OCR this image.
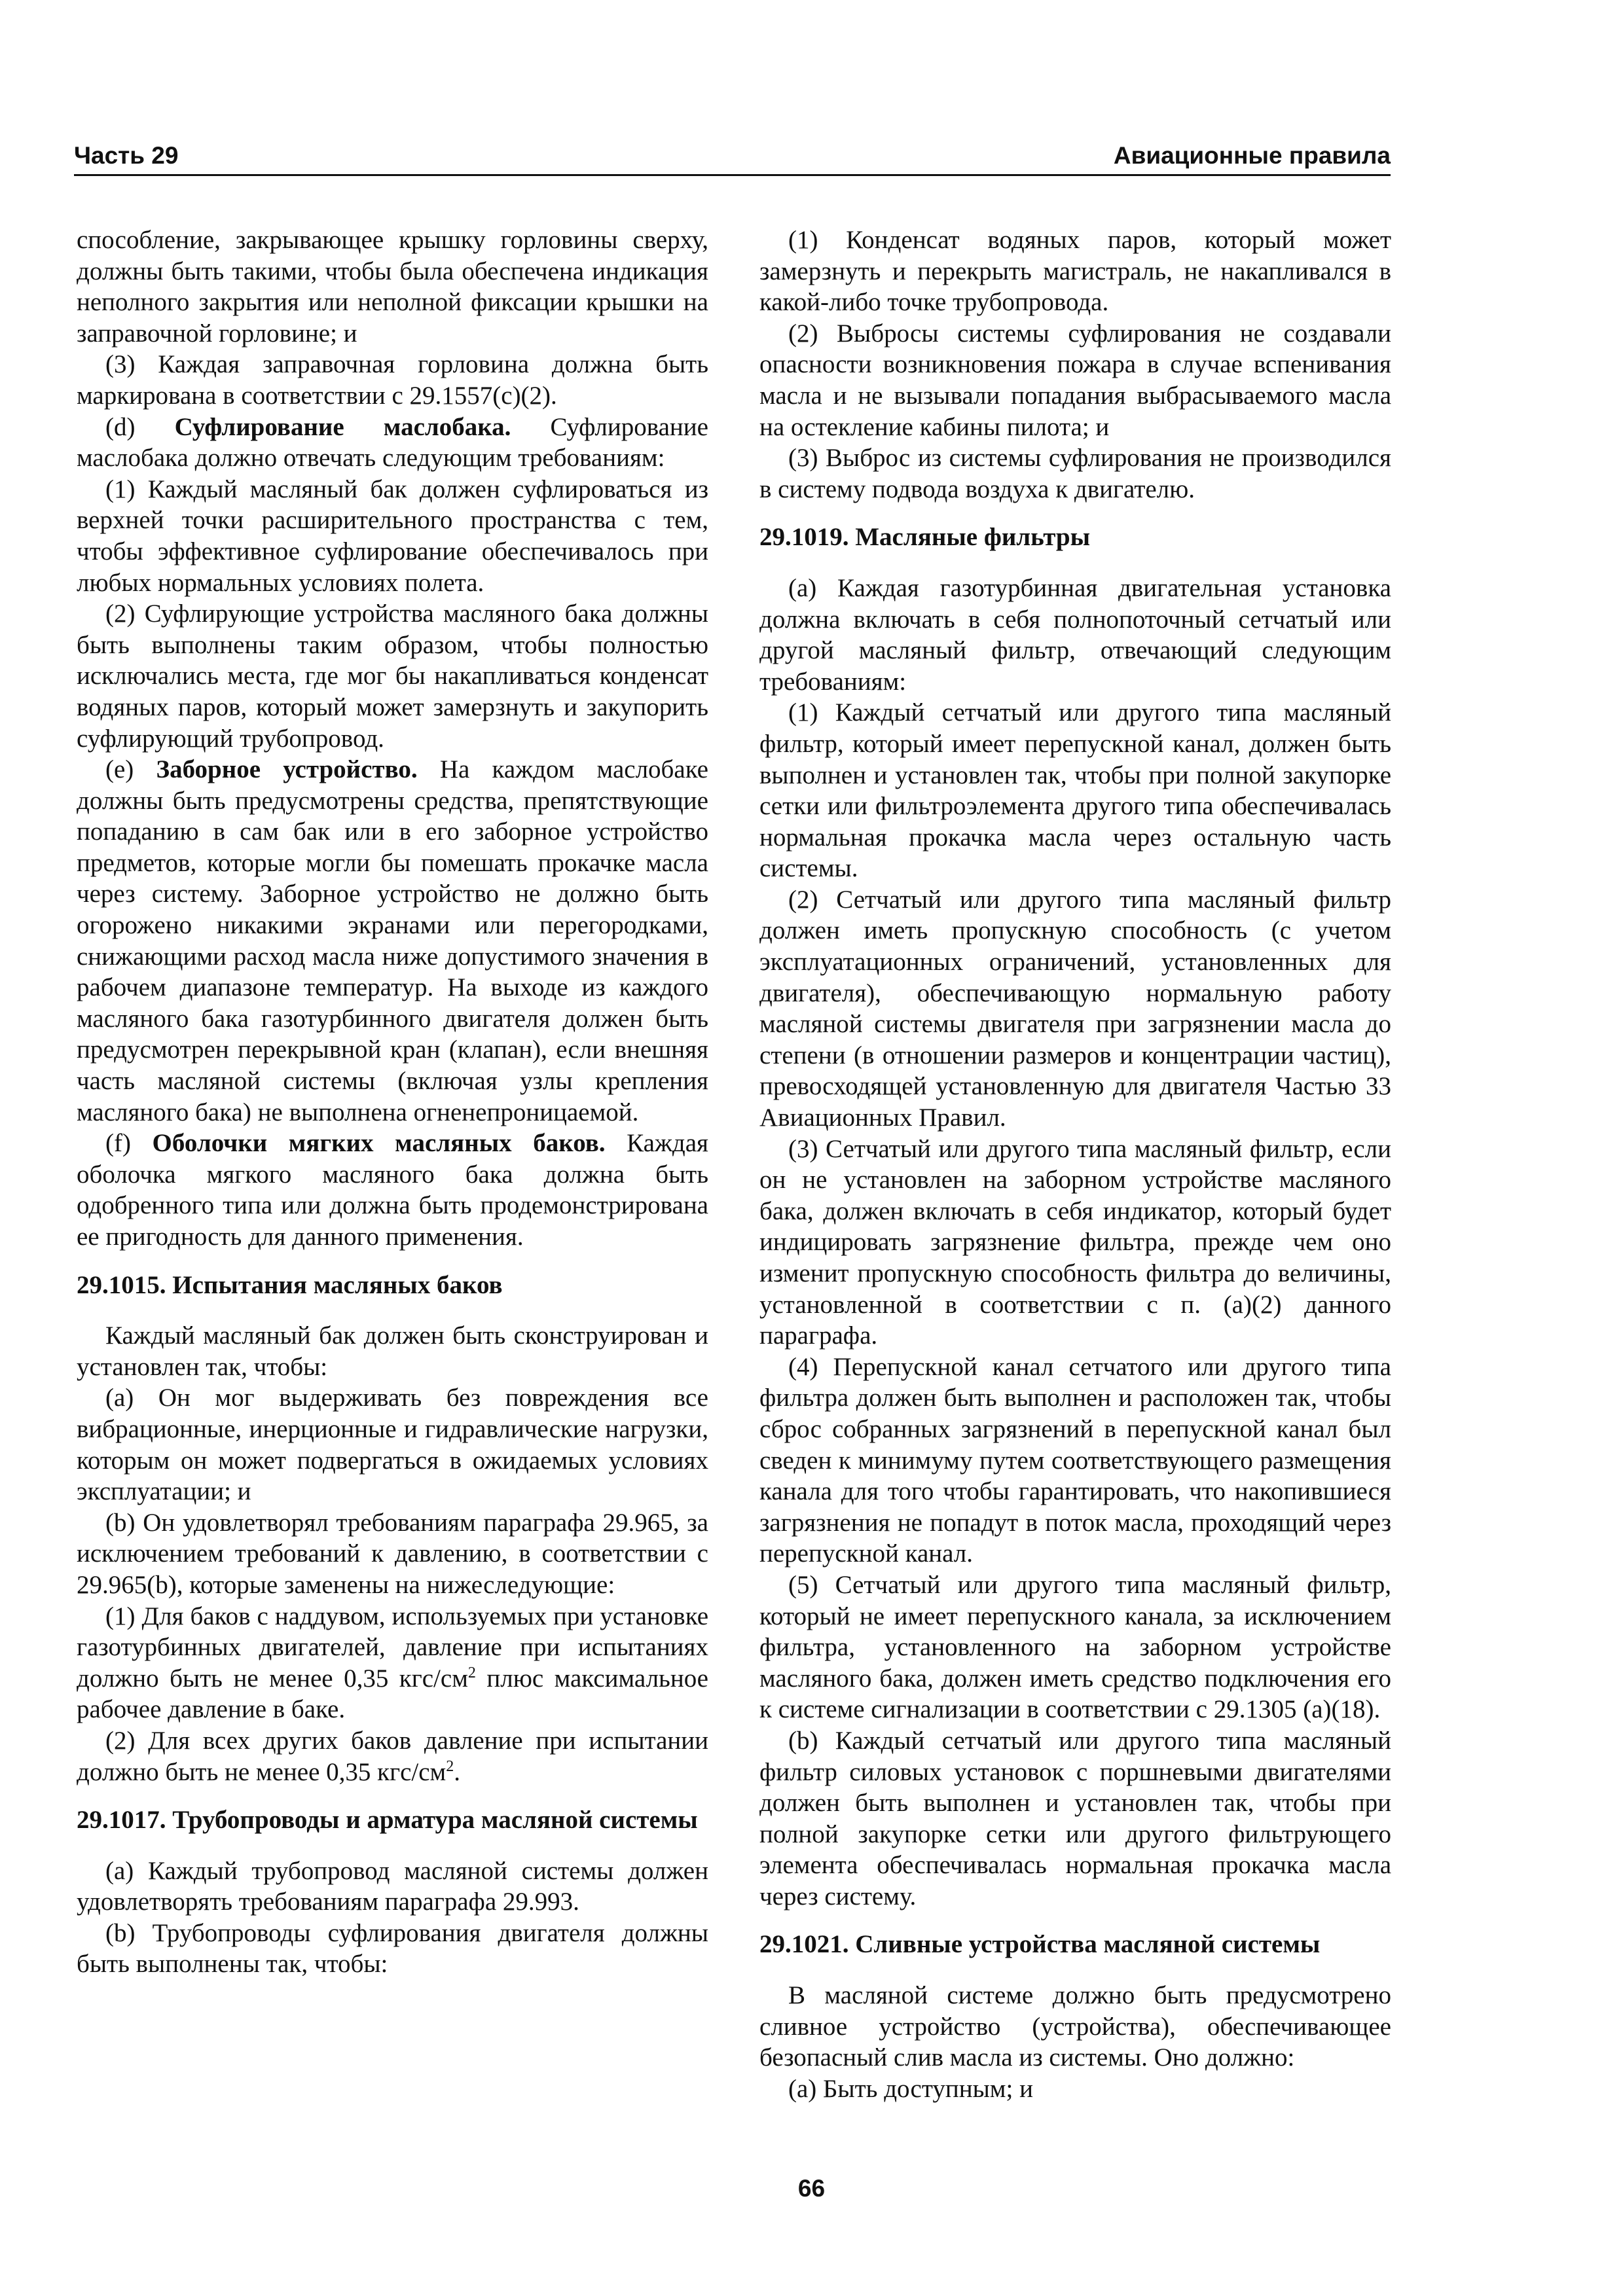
Часть 29	Авиационные правила

способление, закрывающее крышку горловины сверху, должны быть такими, чтобы была обеспечена индикация неполного закрытия или неполной фиксации крышки на заправочной горловине; и

(3) Каждая заправочная горловина должна быть маркирована в соответствии с 29.1557(c)(2).

(d) Суфлирование маслобака. Суфлирование маслобака должно отвечать следующим требованиям:

(1) Каждый масляный бак должен суфлироваться из верхней точки расширительного пространства с тем, чтобы эффективное суфлирование обеспечивалось при любых нормальных условиях полета.

(2) Суфлирующие устройства масляного бака должны быть выполнены таким образом, чтобы полностью исключались места, где мог бы накапливаться конденсат водяных паров, который может замерзнуть и закупорить суфлирующий трубопровод.

(e) Заборное устройство. На каждом маслобаке должны быть предусмотрены средства, препятствующие попаданию в сам бак или в его заборное устройство предметов, которые могли бы помешать прокачке масла через систему. Заборное устройство не должно быть огорожено никакими экранами или перегородками, снижающими расход масла ниже допустимого значения в рабочем диапазоне температур. На выходе из каждого масляного бака газотурбинного двигателя должен быть предусмотрен перекрывной кран (клапан), если внешняя часть масляной системы (включая узлы крепления масляного бака) не выполнена огненепроницаемой.

(f) Оболочки мягких масляных баков. Каждая оболочка мягкого масляного бака должна быть одобренного типа или должна быть продемонстрирована ее пригодность для данного применения.

29.1015. Испытания масляных баков

Каждый масляный бак должен быть сконструирован и установлен так, чтобы:

(a) Он мог выдерживать без повреждения все вибрационные, инерционные и гидравлические нагрузки, которым он может подвергаться в ожидаемых условиях эксплуатации; и

(b) Он удовлетворял требованиям параграфа 29.965, за исключением требований к давлению, в соответствии с 29.965(b), которые заменены на нижеследующие:

(1) Для баков с наддувом, используемых при установке газотурбинных двигателей, давление при испытаниях должно быть не менее 0,35 кгс/$см^2$ плюс максимальное рабочее давление в баке.

(2) Для всех других баков давление при испытании должно быть не менее 0,35 кгс/$см^2$.

29.1017. Трубопроводы и арматура масляной системы

(a) Каждый трубопровод масляной системы должен удовлетворять требованиям параграфа 29.993.

(b) Трубопроводы суфлирования двигателя должны быть выполнены так, чтобы:

(1) Конденсат водяных паров, который может замерзнуть и перекрыть магистраль, не накапливался в какой-либо точке трубопровода.

(2) Выбросы системы суфлирования не создавали опасности возникновения пожара в случае вспенивания масла и не вызывали попадания выбрасываемого масла на остекление кабины пилота; и

(3) Выброс из системы суфлирования не производился в систему подвода воздуха к двигателю.

29.1019. Масляные фильтры

(a) Каждая газотурбинная двигательная установка должна включать в себя полнопоточный сетчатый или другой масляный фильтр, отвечающий следующим требованиям:

(1) Каждый сетчатый или другого типа масляный фильтр, который имеет перепускной канал, должен быть выполнен и установлен так, чтобы при полной закупорке сетки или фильтроэлемента другого типа обеспечивалась нормальная прокачка масла через остальную часть системы.

(2) Сетчатый или другого типа масляный фильтр должен иметь пропускную способность (с учетом эксплуатационных ограничений, установленных для двигателя), обеспечивающую нормальную работу масляной системы двигателя при загрязнении масла до степени (в отношении размеров и концентрации частиц), превосходящей установленную для двигателя Частью 33 Авиационных Правил.

(3) Сетчатый или другого типа масляный фильтр, если он не установлен на заборном устройстве масляного бака, должен включать в себя индикатор, который будет индицировать загрязнение фильтра, прежде чем оно изменит пропускную способность фильтра до величины, установленной в соответствии с п. (a)(2) данного параграфа.

(4) Перепускной канал сетчатого или другого типа фильтра должен быть выполнен и расположен так, чтобы сброс собранных загрязнений в перепускной канал был сведен к минимуму путем соответствующего размещения канала для того чтобы гарантировать, что накопившиеся загрязнения не попадут в поток масла, проходящий через перепускной канал.

(5) Сетчатый или другого типа масляный фильтр, который не имеет перепускного канала, за исключением фильтра, установленного на заборном устройстве масляного бака, должен иметь средство подключения его к системе сигнализации в соответствии с 29.1305 (a)(18).

(b) Каждый сетчатый или другого типа масляный фильтр силовых установок с поршневыми двигателями должен быть выполнен и установлен так, чтобы при полной закупорке сетки или другого фильтрующего элемента обеспечивалась нормальная прокачка масла через систему.

29.1021. Сливные устройства масляной системы

В масляной системе должно быть предусмотрено сливное устройство (устройства), обеспечивающее безопасный слив масла из системы. Оно должно:

(a) Быть доступным; и

66
